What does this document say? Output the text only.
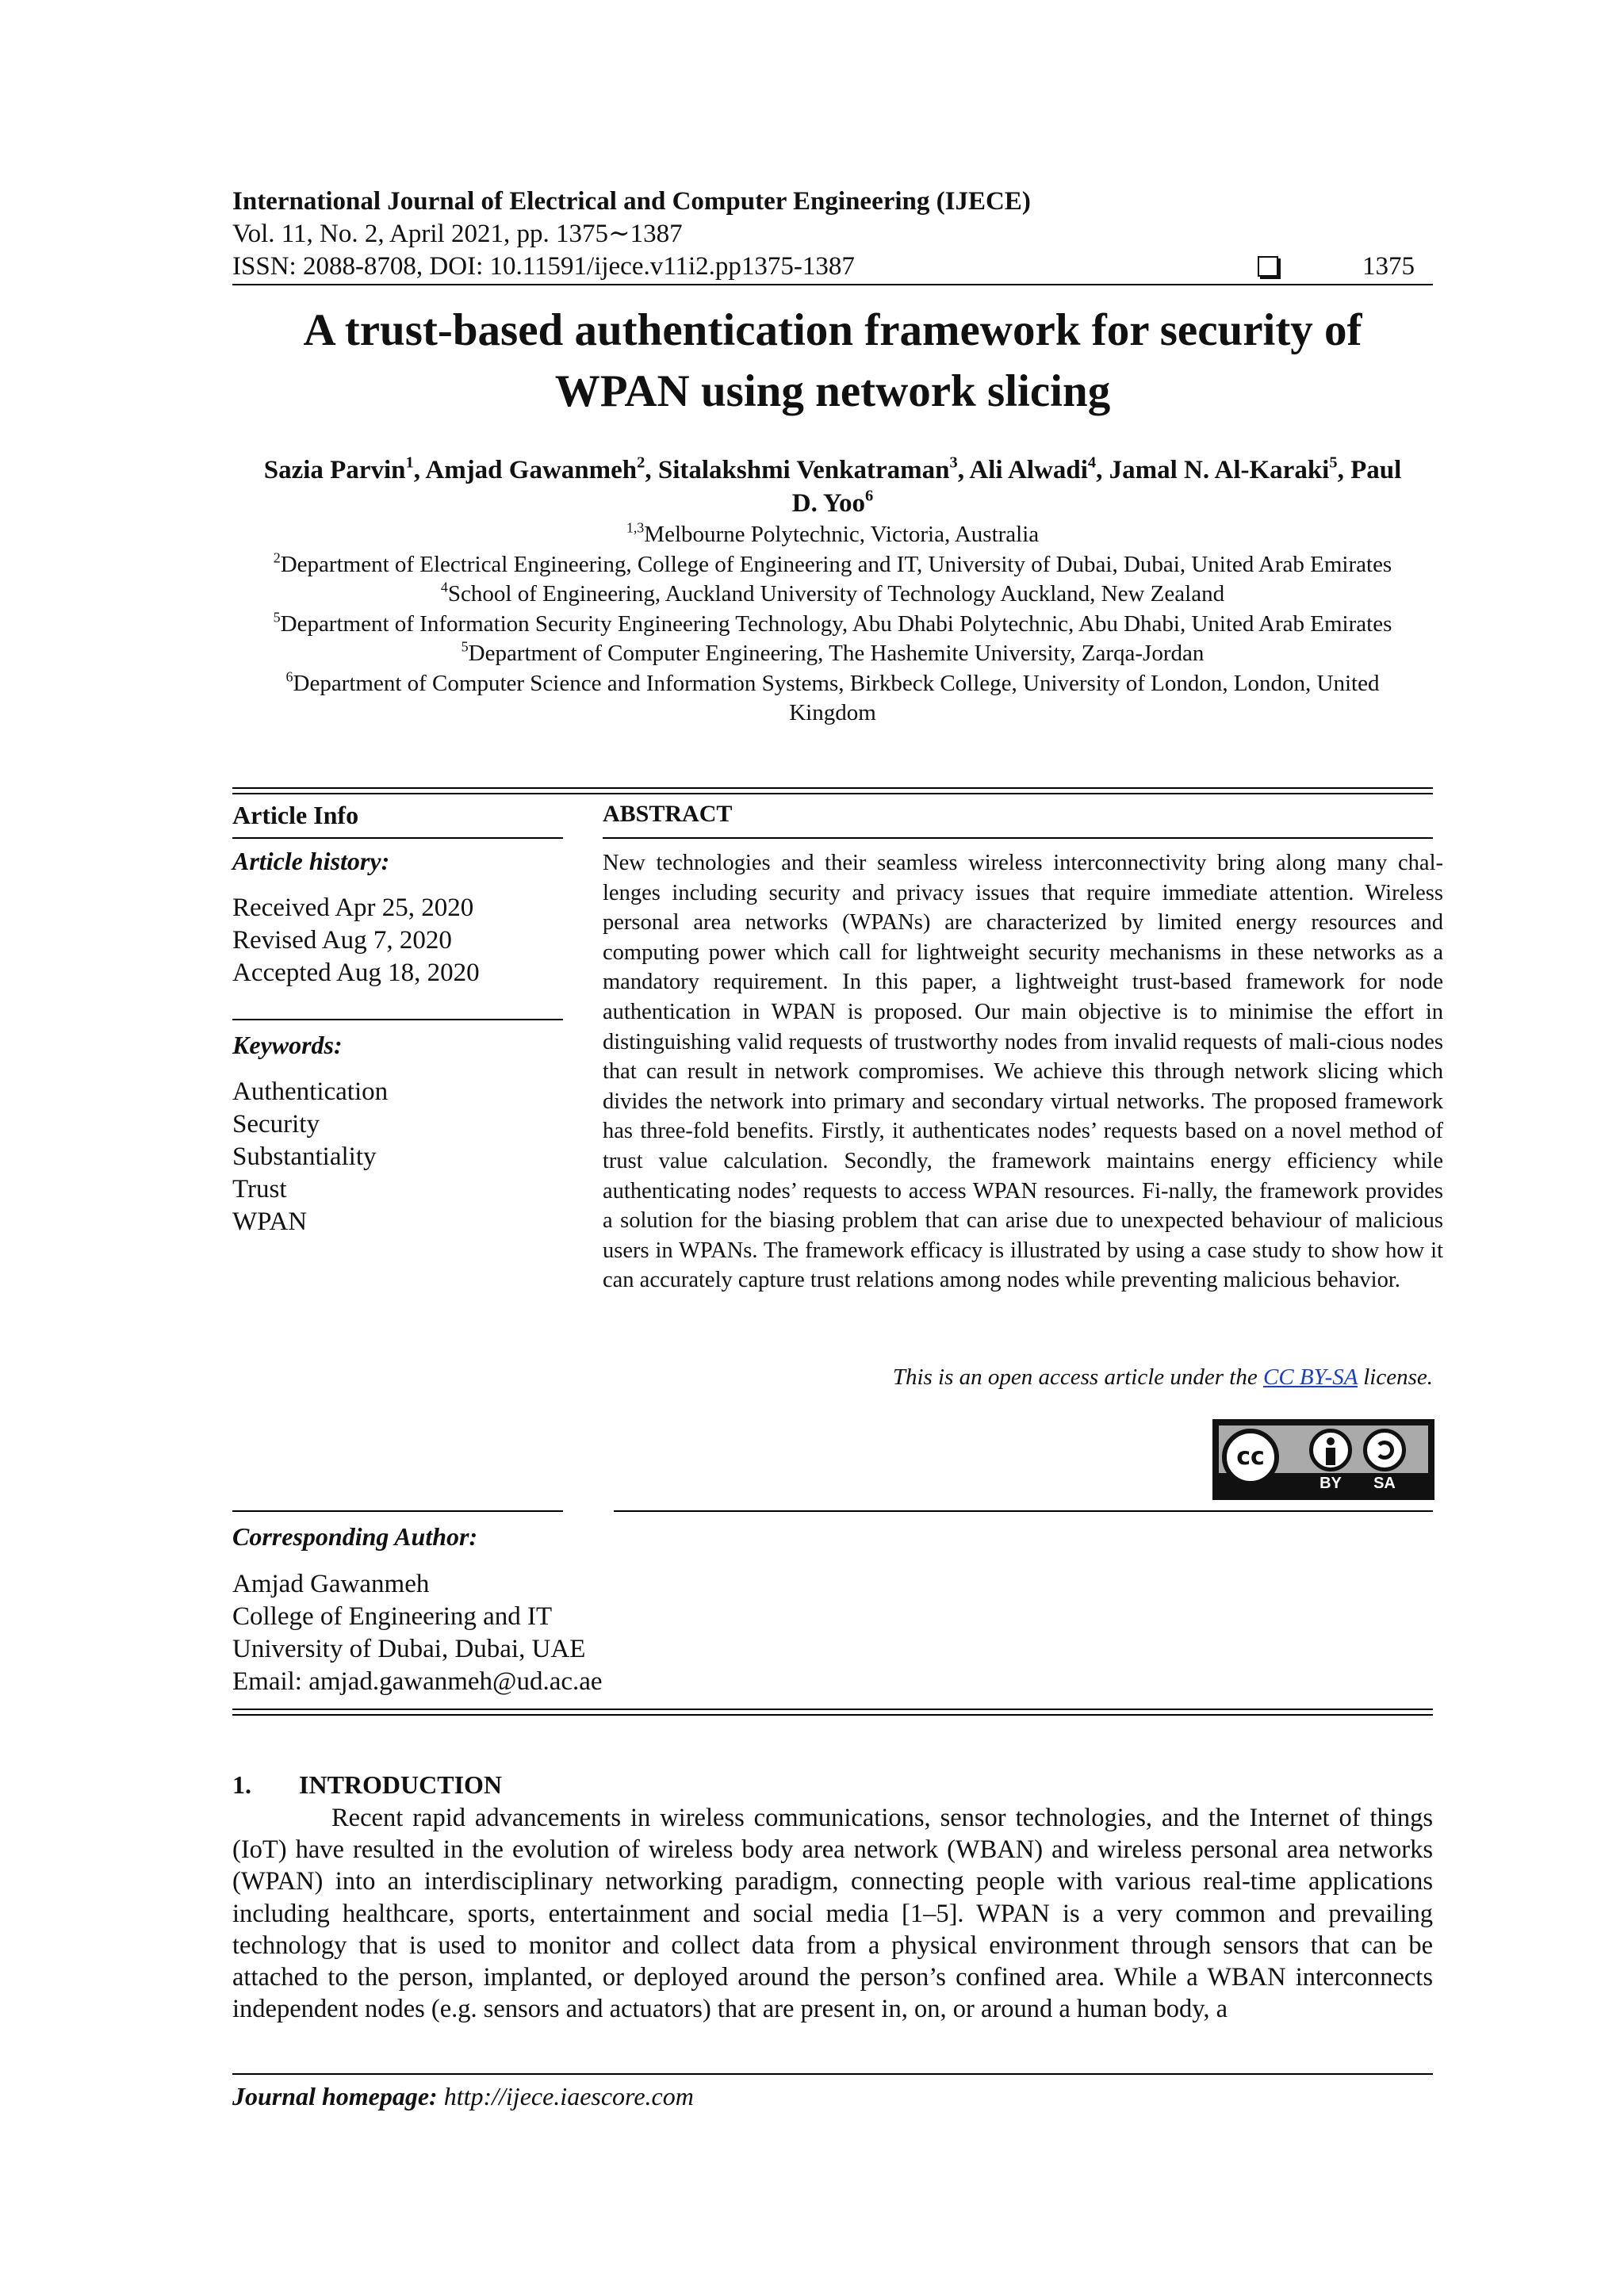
International Journal of Electrical and Computer Engineering (IJECE)
Vol. 11, No. 2, April 2021, pp. 1375∼1387
ISSN: 2088-8708, DOI: 10.11591/ijece.v11i2.pp1375-1387	1375
A trust-based authentication framework for security of
WPAN using network slicing
Sazia Parvin$^1$, Amjad Gawanmeh$^2$, Sitalakshmi Venkatraman$^3$, Ali Alwadi$^4$, Jamal N. Al-Karaki$^5$, Paul
D. Yoo$^6$
$^{1,3}$Melbourne Polytechnic, Victoria, Australia
$^2$Department of Electrical Engineering, College of Engineering and IT, University of Dubai, Dubai, United Arab Emirates
$^4$School of Engineering, Auckland University of Technology Auckland, New Zealand
$^5$Department of Information Security Engineering Technology, Abu Dhabi Polytechnic, Abu Dhabi, United Arab Emirates
$^5$Department of Computer Engineering, The Hashemite University, Zarqa-Jordan
$^6$Department of Computer Science and Information Systems, Birkbeck College, University of London, London, United
Kingdom
Article Info
Article history:
Received Apr 25, 2020
Revised Aug 7, 2020
Accepted Aug 18, 2020
Keywords:
Authentication
Security
Substantiality
Trust
WPAN
ABSTRACT
New technologies and their seamless wireless interconnectivity bring along many chal-lenges including security and privacy issues that require immediate attention. Wireless personal area networks (WPANs) are characterized by limited energy resources and computing power which call for lightweight security mechanisms in these networks as a mandatory requirement. In this paper, a lightweight trust-based framework for node authentication in WPAN is proposed. Our main objective is to minimise the effort in distinguishing valid requests of trustworthy nodes from invalid requests of mali-cious nodes that can result in network compromises. We achieve this through network slicing which divides the network into primary and secondary virtual networks. The proposed framework has three-fold benefits. Firstly, it authenticates nodes’ requests based on a novel method of trust value calculation. Secondly, the framework maintains energy efficiency while authenticating nodes’ requests to access WPAN resources. Fi-nally, the framework provides a solution for the biasing problem that can arise due to unexpected behaviour of malicious users in WPANs. The framework efficacy is illustrated by using a case study to show how it can accurately capture trust relations among nodes while preventing malicious behavior.
This is an open access article under the CC BY-SA license.
cc
BY	SA
Corresponding Author:
Amjad Gawanmeh
College of Engineering and IT
University of Dubai, Dubai, UAE
Email: amjad.gawanmeh@ud.ac.ae
1. INTRODUCTION
Recent rapid advancements in wireless communications, sensor technologies, and the Internet of things (IoT) have resulted in the evolution of wireless body area network (WBAN) and wireless personal area networks (WPAN) into an interdisciplinary networking paradigm, connecting people with various real-time applications including healthcare, sports, entertainment and social media [1–5]. WPAN is a very common and prevailing technology that is used to monitor and collect data from a physical environment through sensors that can be attached to the person, implanted, or deployed around the person’s confined area. While a WBAN interconnects independent nodes (e.g. sensors and actuators) that are present in, on, or around a human body, a
Journal homepage: http://ijece.iaescore.com
